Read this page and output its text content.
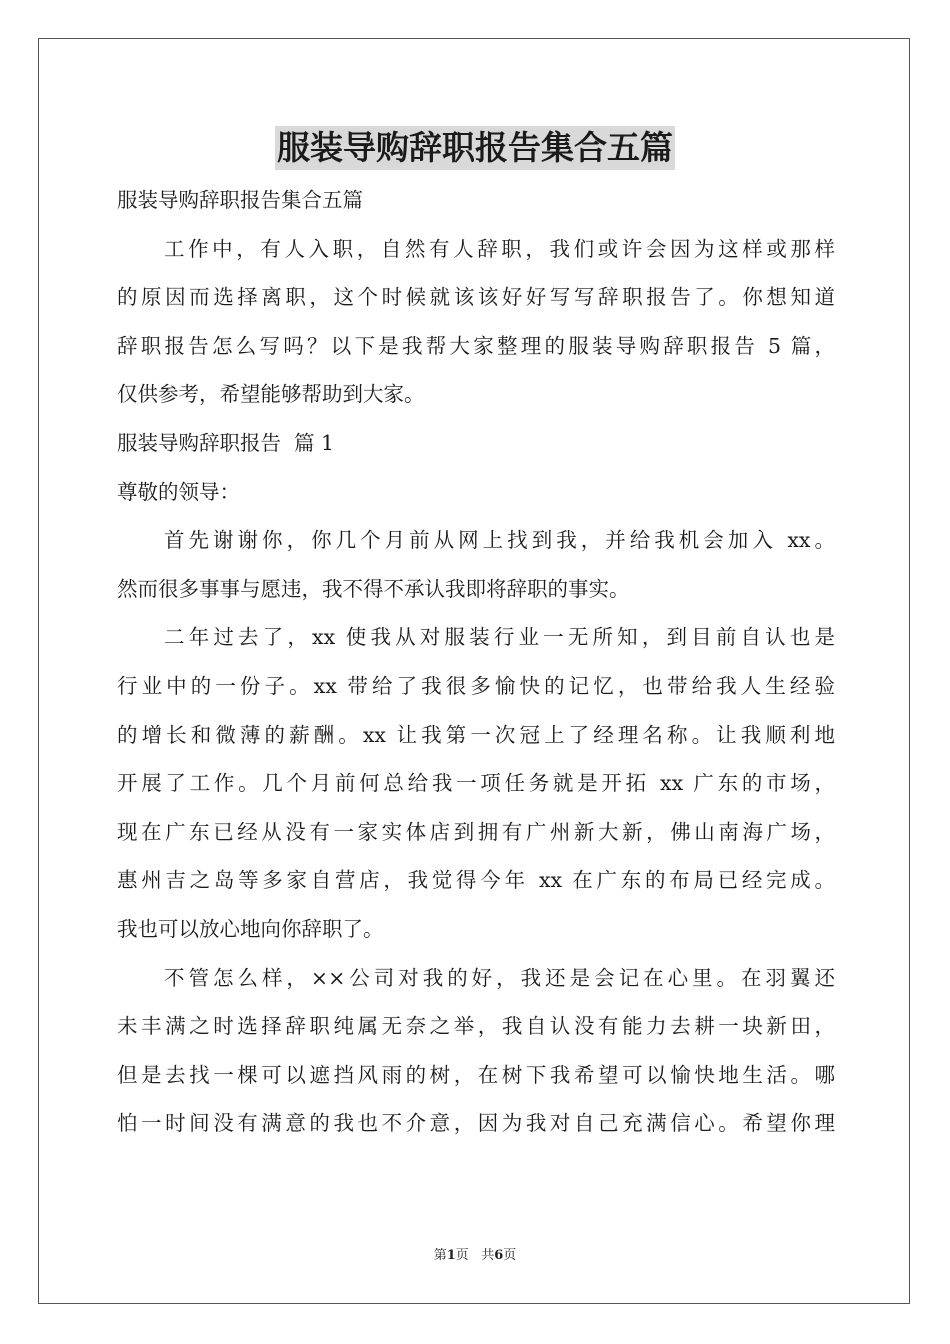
服装导购辞职报告集合五篇
服装导购辞职报告集合五篇
工作中，有人入职，自然有人辞职，我们或许会因为这样或那样
的原因而选择离职，这个时候就该该好好写写辞职报告了。你想知道
辞职报告怎么写吗？以下是我帮大家整理的服装导购辞职报告 5 篇，
仅供参考，希望能够帮助到大家。
服装导购辞职报告  篇 1
尊敬的领导：
首先谢谢你，你几个月前从网上找到我，并给我机会加入 xx。
然而很多事事与愿违，我不得不承认我即将辞职的事实。
二年过去了，xx 使我从对服装行业一无所知，到目前自认也是
行业中的一份子。xx 带给了我很多愉快的记忆，也带给我人生经验
的增长和微薄的薪酬。xx 让我第一次冠上了经理名称。让我顺利地
开展了工作。几个月前何总给我一项任务就是开拓 xx 广东的市场，
现在广东已经从没有一家实体店到拥有广州新大新，佛山南海广场，
惠州吉之岛等多家自营店，我觉得今年 xx 在广东的布局已经完成。
我也可以放心地向你辞职了。
不管怎么样，××公司对我的好，我还是会记在心里。在羽翼还
未丰满之时选择辞职纯属无奈之举，我自认没有能力去耕一块新田，
但是去找一棵可以遮挡风雨的树，在树下我希望可以愉快地生活。哪
怕一时间没有满意的我也不介意，因为我对自己充满信心。希望你理
第1页   共6页
